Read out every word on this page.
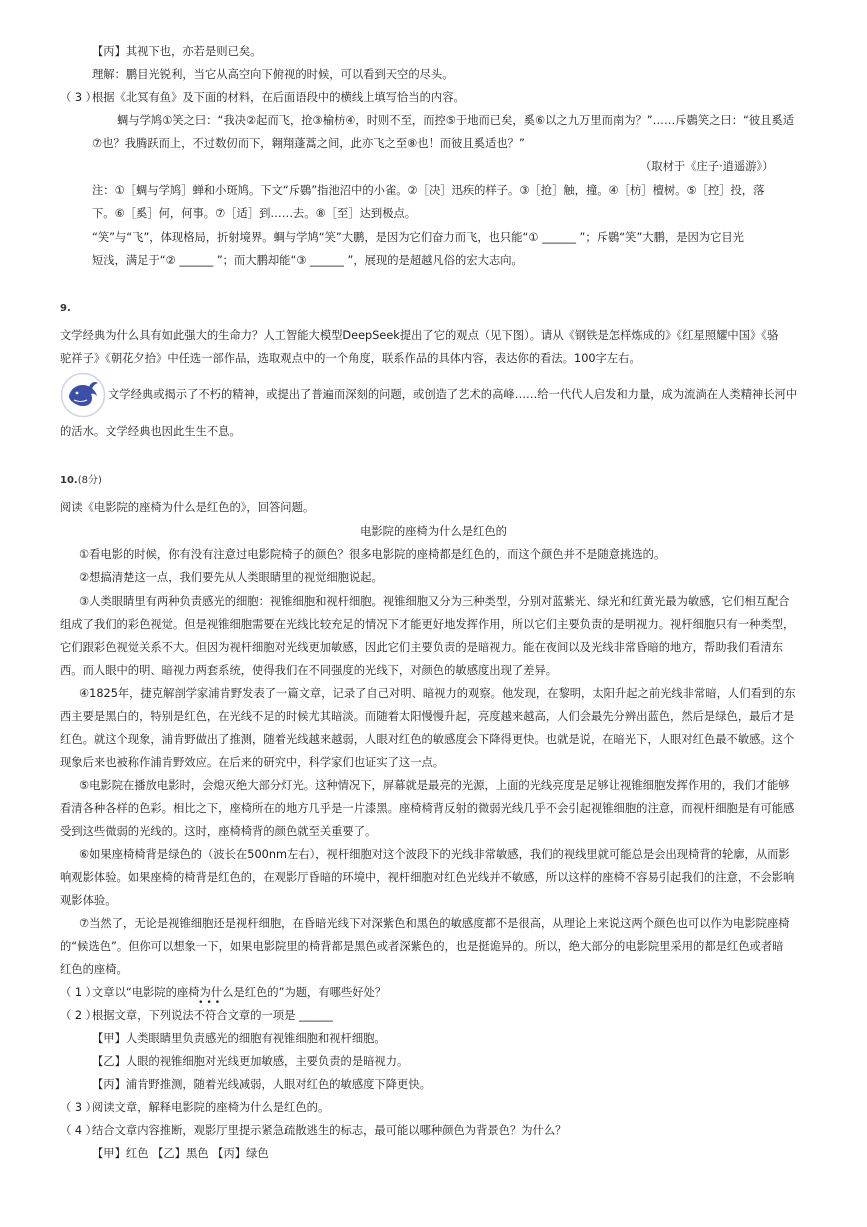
【丙】其视下也，亦若是则已矣。
理解：鹏目光锐利，当它从高空向下俯视的时候，可以看到天空的尽头。
（ 3 ）
根据《北冥有鱼》及下面的材料，在后面语段中的横线上填写恰当的内容。
蜩与学鸠①笑之曰：“我决②起而飞，抢③榆枋④，时则不至，而控⑤于地而已矣，奚⑥以之九万里而南为？”……斥鷃笑之曰：“彼且奚适
⑦也？我腾跃而上，不过数仞而下，翱翔蓬蒿之间，此亦飞之至⑧也！而彼且奚适也？”
（取材于《庄子·逍遥游》）
注：①［蜩与学鸠］蝉和小斑鸠。下文“斥鷃”指池沼中的小雀。②［决］迅疾的样子。③［抢］触，撞。④［枋］檀树。⑤［控］投，落
下。⑥［奚］何，何事。⑦［适］到……去。⑧［至］达到极点。
“笑”与“飞”，体现格局，折射境界。蜩与学鸠“笑”大鹏，是因为它们奋力而飞，也只能“① ______ ”；斥鷃“笑”大鹏，是因为它目光
短浅，满足于“② ______ ”；而大鹏却能“③ ______ ”，展现的是超越凡俗的宏大志向。
9.
文学经典为什么具有如此强大的生命力？人工智能大模型DeepSeek提出了它的观点（见下图）。请从《钢铁是怎样炼成的》《红星照耀中国》《骆
驼祥子》《朝花夕拾》中任选一部作品，选取观点中的一个角度，联系作品的具体内容，表达你的看法。100字左右。
文学经典或揭示了不朽的精神，或提出了普遍而深刻的问题，或创造了艺术的高峰……给一代代人启发和力量，成为流淌在人类精神长河中
的活水。文学经典也因此生生不息。
10.(8分)
阅读《电影院的座椅为什么是红色的》，回答问题。
电影院的座椅为什么是红色的
①看电影的时候，你有没有注意过电影院椅子的颜色？很多电影院的座椅都是红色的，而这个颜色并不是随意挑选的。
②想搞清楚这一点，我们要先从人类眼睛里的视觉细胞说起。
③人类眼睛里有两种负责感光的细胞：视锥细胞和视杆细胞。视锥细胞又分为三种类型，分别对蓝紫光、绿光和红黄光最为敏感，它们相互配合
组成了我们的彩色视觉。但是视锥细胞需要在光线比较充足的情况下才能更好地发挥作用，所以它们主要负责的是明视力。视杆细胞只有一种类型，
它们跟彩色视觉关系不大。但因为视杆细胞对光线更加敏感，因此它们主要负责的是暗视力。能在夜间以及光线非常昏暗的地方，帮助我们看清东
西。而人眼中的明、暗视力两套系统，使得我们在不同强度的光线下，对颜色的敏感度出现了差异。
④1825年，捷克解剖学家浦肯野发表了一篇文章，记录了自己对明、暗视力的观察。他发现，在黎明，太阳升起之前光线非常暗，人们看到的东
西主要是黑白的，特别是红色，在光线不足的时候尤其暗淡。而随着太阳慢慢升起，亮度越来越高，人们会最先分辨出蓝色，然后是绿色，最后才是
红色。就这个现象，浦肯野做出了推测，随着光线越来越弱，人眼对红色的敏感度会下降得更快。也就是说，在暗光下，人眼对红色最不敏感。这个
现象后来也被称作浦肯野效应。在后来的研究中，科学家们也证实了这一点。
⑤电影院在播放电影时，会熄灭绝大部分灯光。这种情况下，屏幕就是最亮的光源，上面的光线亮度是足够让视锥细胞发挥作用的，我们才能够
看清各种各样的色彩。相比之下，座椅所在的地方几乎是一片漆黑。座椅椅背反射的微弱光线几乎不会引起视锥细胞的注意，而视杆细胞是有可能感
受到这些微弱的光线的。这时，座椅椅背的颜色就至关重要了。
⑥如果座椅椅背是绿色的（波长在500nm左右），视杆细胞对这个波段下的光线非常敏感，我们的视线里就可能总是会出现椅背的轮廓，从而影
响观影体验。如果座椅的椅背是红色的，在观影厅昏暗的环境中，视杆细胞对红色光线并不敏感，所以这样的座椅不容易引起我们的注意，不会影响
观影体验。
⑦当然了，无论是视锥细胞还是视杆细胞，在昏暗光线下对深紫色和黑色的敏感度都不是很高，从理论上来说这两个颜色也可以作为电影院座椅
的“候选色”。但你可以想象一下，如果电影院里的椅背都是黑色或者深紫色的，也是挺诡异的。所以，绝大部分的电影院里采用的都是红色或者暗
红色的座椅。
（ 1 ）
文章以“电影院的座椅为什么是红色的”为题，有哪些好处？
（ 2 ）
根据文章，下列说法
•••
不符合文章的一项是 ______
【甲】人类眼睛里负责感光的细胞有视锥细胞和视杆细胞。
【乙】人眼的视锥细胞对光线更加敏感，主要负责的是暗视力。
【丙】浦肯野推测，随着光线减弱，人眼对红色的敏感度下降更快。
（ 3 ）
阅读文章，解释电影院的座椅为什么是红色的。
（ 4 ）
结合文章内容推断，观影厅里提示紧急疏散逃生的标志，最可能以哪种颜色为背景色？为什么？
【甲】红色 【乙】黑色 【丙】绿色
